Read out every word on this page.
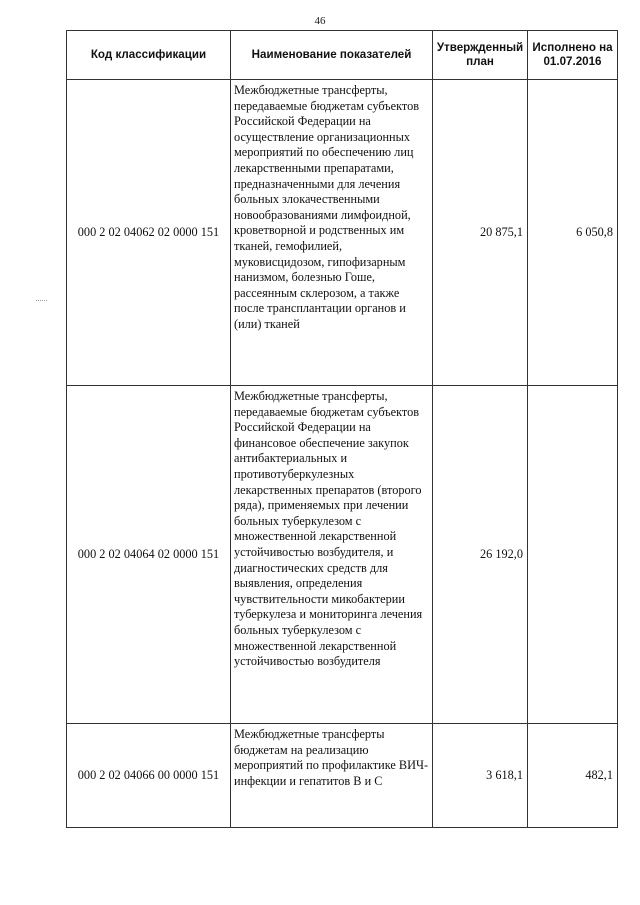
46
Код классификации	Наименование показателей	Утвержденный план	Исполнено на 01.07.2016
000 2 02 04062 02 0000 151	Межбюджетные трансферты, передаваемые бюджетам субъектов Российской Федерации на осуществление организационных мероприятий по обеспечению лиц лекарственными препаратами, предназначенными для лечения больных злокачественными новообразованиями лимфоидной, кроветворной и родственных им тканей, гемофилией, муковисцидозом, гипофизарным нанизмом, болезнью Гоше, рассеянным склерозом, а также после трансплантации органов и (или) тканей	20 875,1	6 050,8
000 2 02 04064 02 0000 151	Межбюджетные трансферты, передаваемые бюджетам субъектов Российской Федерации на финансовое обеспечение закупок антибактериальных и противотуберкулезных лекарственных препаратов (второго ряда), применяемых при лечении больных туберкулезом с множественной лекарственной устойчивостью возбудителя, и диагностических средств для выявления, определения чувствительности микобактерии туберкулеза и мониторинга лечения больных туберкулезом с множественной лекарственной устойчивостью возбудителя	26 192,0	
000 2 02 04066 00 0000 151	Межбюджетные трансферты бюджетам на реализацию мероприятий по профилактике ВИЧ-инфекции и гепатитов В и С	3 618,1	482,1
